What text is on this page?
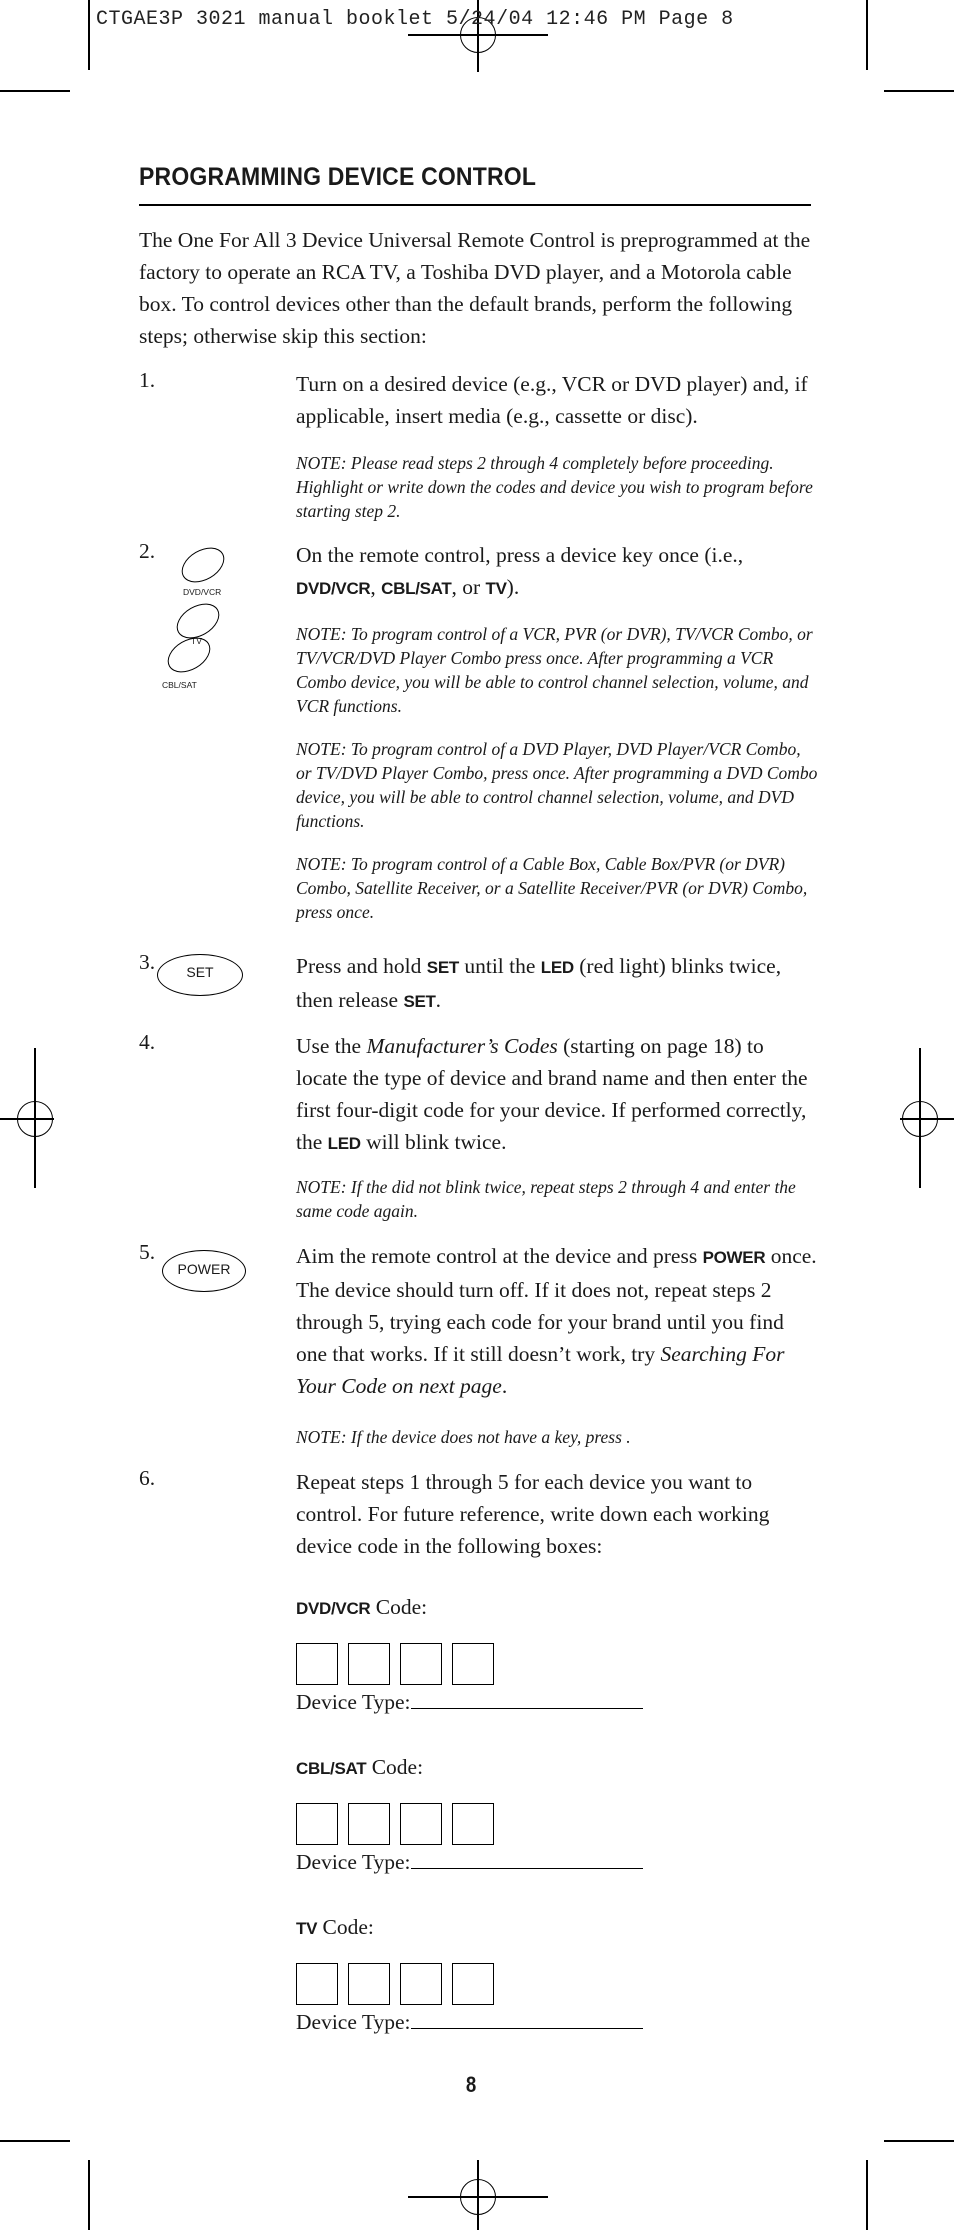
CTGAE3P 3021 manual booklet 5/24/04 12:46 PM Page 8
PROGRAMMING DEVICE CONTROL
The One For All 3 Device Universal Remote Control is preprogrammed at the factory to operate an RCA TV, a Toshiba DVD player, and a Motorola cable box. To control devices other than the default brands, perform the following steps; otherwise skip this section:
1.	Turn on a desired device (e.g., VCR or DVD player) and, if applicable, insert media (e.g., cassette or disc).
NOTE: Please read steps 2 through 4 completely before proceeding. Highlight or write down the codes and device you wish to program before starting step 2.
2.
DVD/VCR
TV
CBL/SAT
On the remote control, press a device key once (i.e., DVD/VCR, CBL/SAT, or TV).
NOTE: To program control of a VCR, PVR (or DVR), TV/VCR Combo, or TV/VCR/DVD Player Combo press once. After programming a VCR Combo device, you will be able to control channel selection, volume, and VCR functions.
NOTE: To program control of a DVD Player, DVD Player/VCR Combo, or TV/DVD Player Combo, press once. After programming a DVD Combo device, you will be able to control channel selection, volume, and DVD functions.
NOTE: To program control of a Cable Box, Cable Box/PVR (or DVR) Combo, Satellite Receiver, or a Satellite Receiver/PVR (or DVR) Combo, press once.
3.	SET	Press and hold SET until the LED (red light) blinks twice, then release SET.
4.	Use the Manufacturer’s Codes (starting on page 18) to locate the type of device and brand name and then enter the first four-digit code for your device. If performed correctly, the LED will blink twice.
NOTE: If the did not blink twice, repeat steps 2 through 4 and enter the same code again.
5.
POWER
Aim the remote control at the device and press POWER once. The device should turn off. If it does not, repeat steps 2 through 5, trying each code for your brand until you find one that works. If it still doesn’t work, try Searching For Your Code on next page.
NOTE: If the device does not have a key, press .
6.	Repeat steps 1 through 5 for each device you want to control. For future reference, write down each working device code in the following boxes:
DVD/VCR Code:
Device Type:
CBL/SAT Code:
Device Type:
TV Code:
Device Type:
8
